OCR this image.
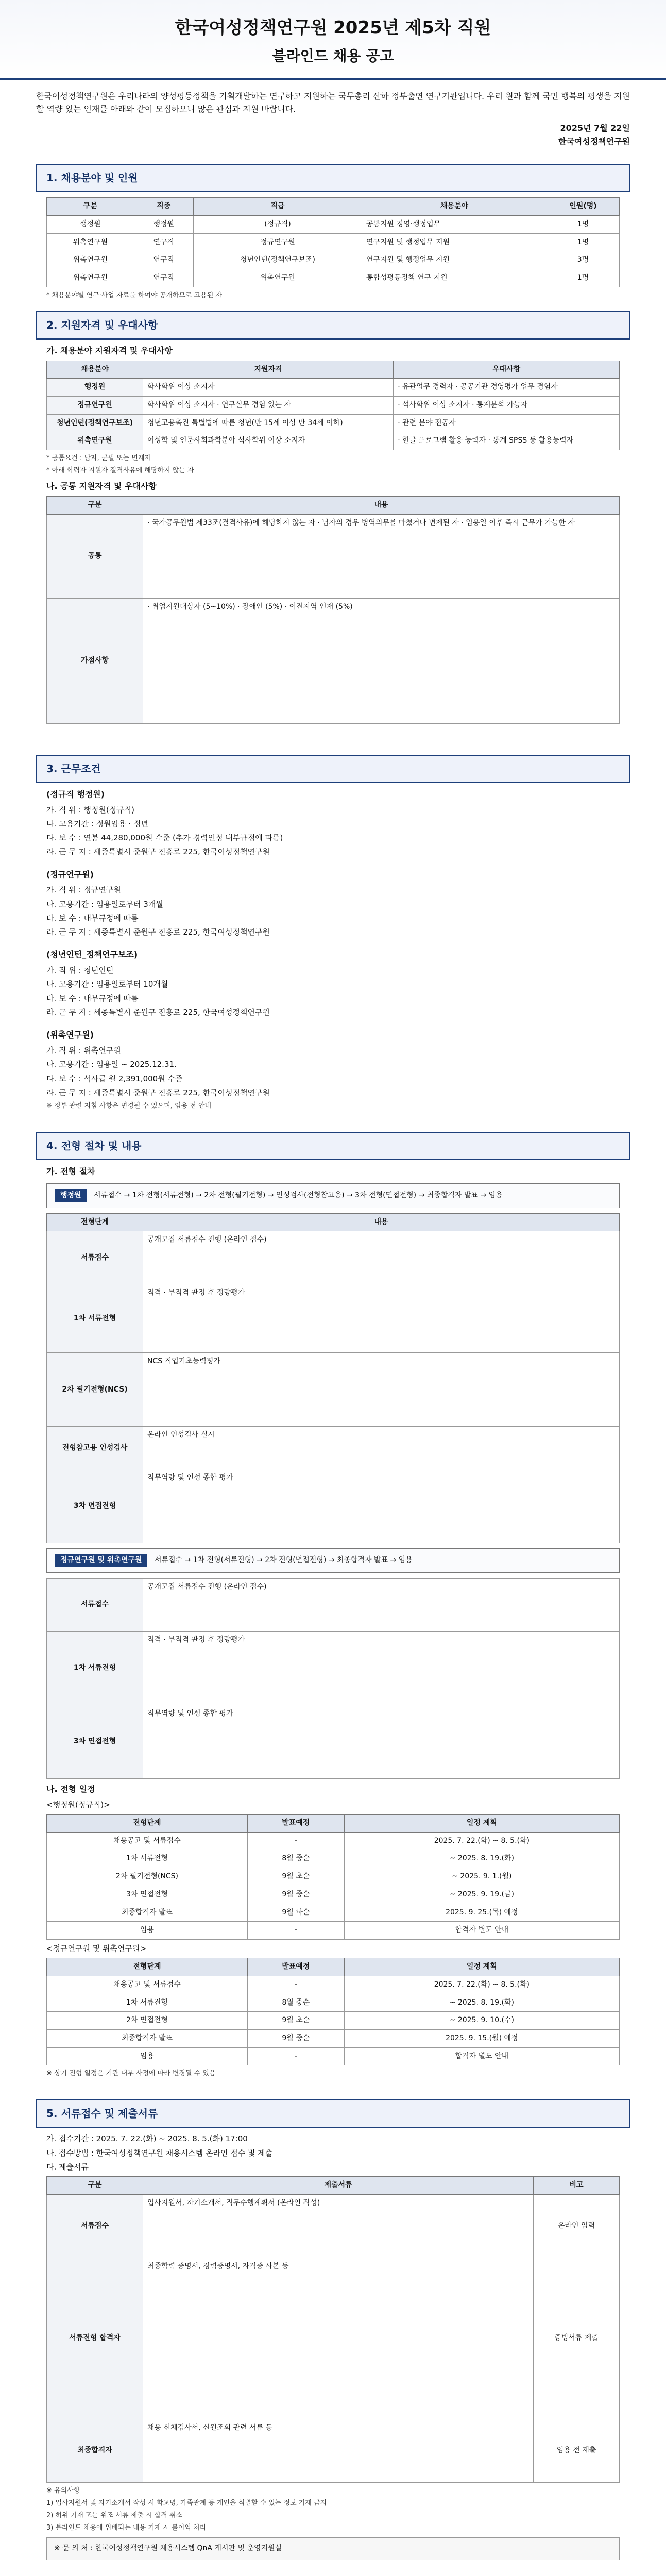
한국여성정책연구원 2025년 제5차 직원
블라인드 채용 공고
한국여성정책연구원은 우리나라의 양성평등정책을 기획개발하는 연구하고 지원하는 국무총리 산하 정부출연 연구기관입니다. 우리 원과 함께 국민 행복의 평생을 지원할 역량 있는 인재를 아래와 같이 모집하오니 많은 관심과 지원 바랍니다.
2025년 7월 22일
한국여성정책연구원
1. 채용분야 및 인원
구분	직종	직급	채용분야	인원(명)
행정원	행정원	(정규직)	공통지원 경영·행정업무	1명
위촉연구원	연구직	정규연구원	연구지원 및 행정업무 지원	1명
위촉연구원	연구직	청년인턴(정책연구보조)	연구지원 및 행정업무 지원	3명
위촉연구원	연구직	위촉연구원	통합성평등정책 연구 지원	1명
* 채용분야별 연구·사업 자료를 하여야 공개하므로 고용된 자
2. 지원자격 및 우대사항
가. 채용분야 지원자격 및 우대사항
채용분야	지원자격	우대사항
행정원	학사학위 이상 소지자	· 유관업무 경력자 · 공공기관 경영평가 업무 경험자
정규연구원	학사학위 이상 소지자 · 연구실무 경험 있는 자	· 석사학위 이상 소지자 · 통계분석 가능자
청년인턴(정책연구보조)	청년고용촉진 특별법에 따른 청년(만 15세 이상 만 34세 이하)	· 관련 분야 전공자
위촉연구원	여성학 및 인문사회과학분야 석사학위 이상 소지자	· 한글 프로그램 활용 능력자 · 통계 SPSS 등 활용능력자
* 공통요건 : 남자, 군필 또는 면제자
* 아래 학력자 지원자 결격사유에 해당하지 않는 자
나. 공통 지원자격 및 우대사항
구분	내용
공통	· 국가공무원법 제33조(결격사유)에 해당하지 않는 자 · 남자의 경우 병역의무를 마쳤거나 면제된 자 · 임용일 이후 즉시 근무가 가능한 자
가점사항	· 취업지원대상자 (5~10%) · 장애인 (5%) · 이전지역 인재 (5%)
3. 근무조건
(정규직 행정원)
가. 직 위 : 행정원(정규직)
나. 고용기간 : 정원임용 · 정년
다. 보 수 : 연봉 44,280,000원 수준 (추가 경력인정 내부규정에 따름)
라. 근 무 지 : 세종특별시 준원구 진흥로 225, 한국여성정책연구원
(정규연구원)
가. 직 위 : 정규연구원
나. 고용기간 : 임용일로부터 3개월
다. 보 수 : 내부규정에 따름
라. 근 무 지 : 세종특별시 준원구 진흥로 225, 한국여성정책연구원
(청년인턴_정책연구보조)
가. 직 위 : 청년인턴
나. 고용기간 : 임용일로부터 10개월
다. 보 수 : 내부규정에 따름
라. 근 무 지 : 세종특별시 준원구 진흥로 225, 한국여성정책연구원
(위촉연구원)
가. 직 위 : 위촉연구원
나. 고용기간 : 임용일 ~ 2025.12.31.
다. 보 수 : 석사급 월 2,391,000원 수준
라. 근 무 지 : 세종특별시 준원구 진흥로 225, 한국여성정책연구원
※ 정부 관련 지침 사항은 변경될 수 있으며, 임용 전 안내
4. 전형 절차 및 내용
가. 전형 절차
행정원 서류접수 → 1차 전형(서류전형) → 2차 전형(필기전형) → 인성검사(전형참고용) → 3차 전형(면접전형) → 최종합격자 발표 → 임용
전형단계	내용
서류접수	공개모집 서류접수 진행 (온라인 접수)
1차 서류전형	적격 · 부적격 판정 후 정량평가
2차 필기전형(NCS)	NCS 직업기초능력평가
전형참고용 인성검사	온라인 인성검사 실시
3차 면접전형	직무역량 및 인성 종합 평가
정규연구원 및 위촉연구원 서류접수 → 1차 전형(서류전형) → 2차 전형(면접전형) → 최종합격자 발표 → 임용
서류접수	공개모집 서류접수 진행 (온라인 접수)
1차 서류전형	적격 · 부적격 판정 후 정량평가
3차 면접전형	직무역량 및 인성 종합 평가
나. 전형 일정
<행정원(정규직)>
전형단계	발표예정	일정 계획
채용공고 및 서류접수	-	2025. 7. 22.(화) ~ 8. 5.(화)
1차 서류전형	8월 중순	~ 2025. 8. 19.(화)
2차 필기전형(NCS)	9월 초순	~ 2025. 9. 1.(월)
3차 면접전형	9월 중순	~ 2025. 9. 19.(금)
최종합격자 발표	9월 하순	2025. 9. 25.(목) 예정
임용	-	합격자 별도 안내
<정규연구원 및 위촉연구원>
전형단계	발표예정	일정 계획
채용공고 및 서류접수	-	2025. 7. 22.(화) ~ 8. 5.(화)
1차 서류전형	8월 중순	~ 2025. 8. 19.(화)
2차 면접전형	9월 초순	~ 2025. 9. 10.(수)
최종합격자 발표	9월 중순	2025. 9. 15.(월) 예정
임용	-	합격자 별도 안내
※ 상기 전형 일정은 기관 내부 사정에 따라 변경될 수 있음
5. 서류접수 및 제출서류
가. 접수기간 : 2025. 7. 22.(화) ~ 2025. 8. 5.(화) 17:00
나. 접수방법 : 한국여성정책연구원 채용시스템 온라인 접수 및 제출
다. 제출서류
구분	제출서류	비고
서류접수	입사지원서, 자기소개서, 직무수행계획서 (온라인 작성)	온라인 입력
서류전형 합격자	최종학력 증명서, 경력증명서, 자격증 사본 등	증빙서류 제출
최종합격자	채용 신체검사서, 신원조회 관련 서류 등	임용 전 제출
※ 유의사항
1) 입사지원서 및 자기소개서 작성 시 학교명, 가족관계 등 개인을 식별할 수 있는 정보 기재 금지
2) 허위 기재 또는 위조 서류 제출 시 합격 취소
3) 블라인드 채용에 위배되는 내용 기재 시 불이익 처리
※ 문 의 처 : 한국여성정책연구원 채용시스템 QnA 게시판 및 운영지원실
